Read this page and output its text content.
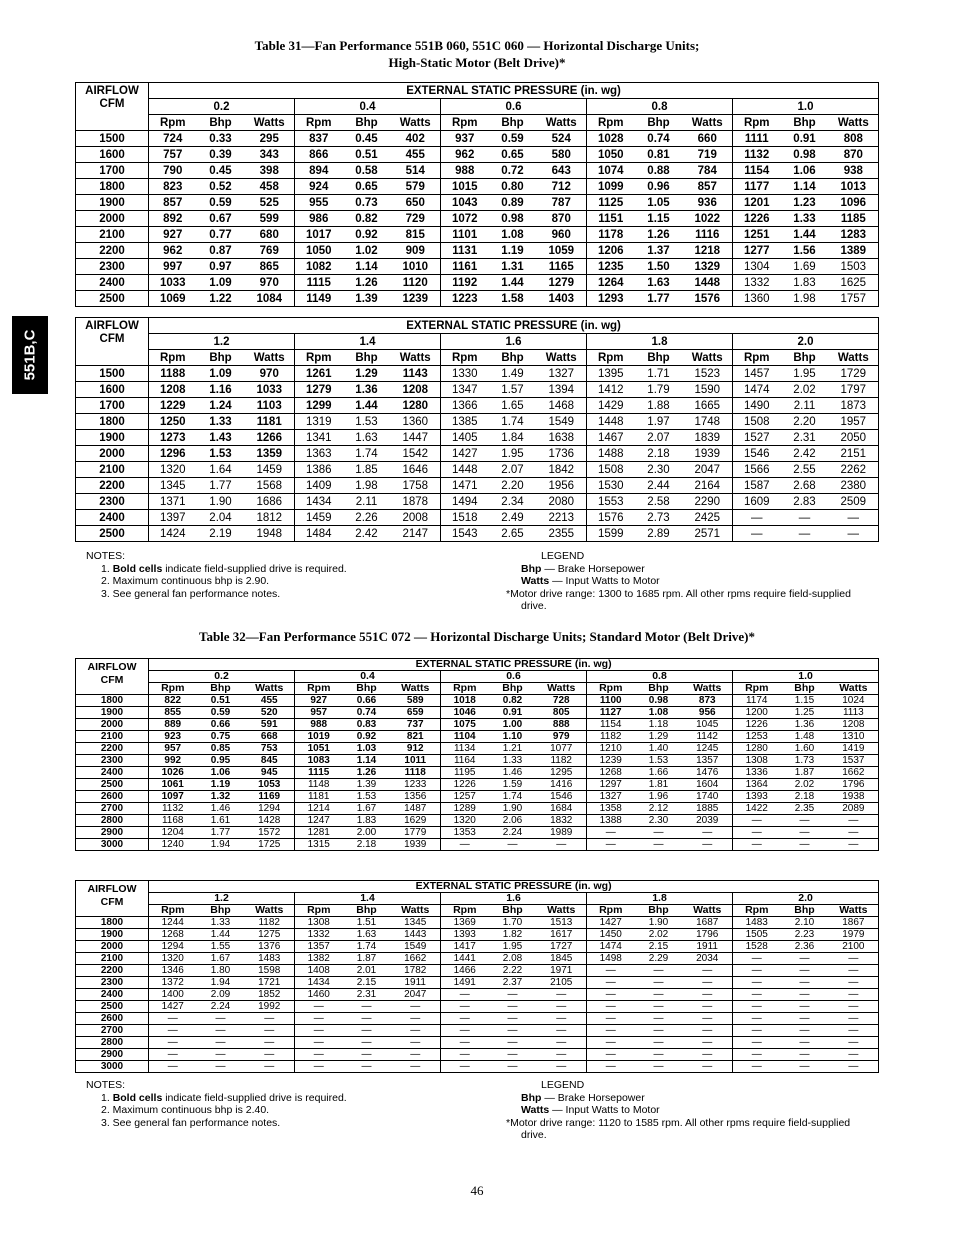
Table 31—Fan Performance 551B 060, 551C 060 — Horizontal Discharge Units;
High‑Static Motor (Belt Drive)*
551B,C
AIRFLOW
CFM	EXTERNAL STATIC PRESSURE (in. wg)														
	0.2			0.4			0.6			0.8			1.0		
	Rpm	Bhp	Watts	Rpm	Bhp	Watts	Rpm	Bhp	Watts	Rpm	Bhp	Watts	Rpm	Bhp	Watts
1500	724	0.33	295	837	0.45	402	937	0.59	524	1028	0.74	660	1111	0.91	808
1600	757	0.39	343	866	0.51	455	962	0.65	580	1050	0.81	719	1132	0.98	870
1700	790	0.45	398	894	0.58	514	988	0.72	643	1074	0.88	784	1154	1.06	938
1800	823	0.52	458	924	0.65	579	1015	0.80	712	1099	0.96	857	1177	1.14	1013
1900	857	0.59	525	955	0.73	650	1043	0.89	787	1125	1.05	936	1201	1.23	1096
2000	892	0.67	599	986	0.82	729	1072	0.98	870	1151	1.15	1022	1226	1.33	1185
2100	927	0.77	680	1017	0.92	815	1101	1.08	960	1178	1.26	1116	1251	1.44	1283
2200	962	0.87	769	1050	1.02	909	1131	1.19	1059	1206	1.37	1218	1277	1.56	1389
2300	997	0.97	865	1082	1.14	1010	1161	1.31	1165	1235	1.50	1329	1304	1.69	1503
2400	1033	1.09	970	1115	1.26	1120	1192	1.44	1279	1264	1.63	1448	1332	1.83	1625
2500	1069	1.22	1084	1149	1.39	1239	1223	1.58	1403	1293	1.77	1576	1360	1.98	1757
AIRFLOW
CFM	EXTERNAL STATIC PRESSURE (in. wg)														
	1.2			1.4			1.6			1.8			2.0		
	Rpm	Bhp	Watts	Rpm	Bhp	Watts	Rpm	Bhp	Watts	Rpm	Bhp	Watts	Rpm	Bhp	Watts
1500	1188	1.09	970	1261	1.29	1143	1330	1.49	1327	1395	1.71	1523	1457	1.95	1729
1600	1208	1.16	1033	1279	1.36	1208	1347	1.57	1394	1412	1.79	1590	1474	2.02	1797
1700	1229	1.24	1103	1299	1.44	1280	1366	1.65	1468	1429	1.88	1665	1490	2.11	1873
1800	1250	1.33	1181	1319	1.53	1360	1385	1.74	1549	1448	1.97	1748	1508	2.20	1957
1900	1273	1.43	1266	1341	1.63	1447	1405	1.84	1638	1467	2.07	1839	1527	2.31	2050
2000	1296	1.53	1359	1363	1.74	1542	1427	1.95	1736	1488	2.18	1939	1546	2.42	2151
2100	1320	1.64	1459	1386	1.85	1646	1448	2.07	1842	1508	2.30	2047	1566	2.55	2262
2200	1345	1.77	1568	1409	1.98	1758	1471	2.20	1956	1530	2.44	2164	1587	2.68	2380
2300	1371	1.90	1686	1434	2.11	1878	1494	2.34	2080	1553	2.58	2290	1609	2.83	2509
2400	1397	2.04	1812	1459	2.26	2008	1518	2.49	2213	1576	2.73	2425	—	—	—
2500	1424	2.19	1948	1484	2.42	2147	1543	2.65	2355	1599	2.89	2571	—	—	—
NOTES:
1. Bold cells indicate field-supplied drive is required.
2. Maximum continuous bhp is 2.90.
3. See general fan performance notes.
LEGEND
Bhp — Brake Horsepower
Watts — Input Watts to Motor
*Motor drive range: 1300 to 1685 rpm. All other rpms require field-supplied drive.
Table 32—Fan Performance 551C 072 — Horizontal Discharge Units; Standard Motor (Belt Drive)*
AIRFLOW
CFM	EXTERNAL STATIC PRESSURE (in. wg)														
	0.2			0.4			0.6			0.8			1.0		
	Rpm	Bhp	Watts	Rpm	Bhp	Watts	Rpm	Bhp	Watts	Rpm	Bhp	Watts	Rpm	Bhp	Watts
1800	822	0.51	455	927	0.66	589	1018	0.82	728	1100	0.98	873	1174	1.15	1024
1900	855	0.59	520	957	0.74	659	1046	0.91	805	1127	1.08	956	1200	1.25	1113
2000	889	0.66	591	988	0.83	737	1075	1.00	888	1154	1.18	1045	1226	1.36	1208
2100	923	0.75	668	1019	0.92	821	1104	1.10	979	1182	1.29	1142	1253	1.48	1310
2200	957	0.85	753	1051	1.03	912	1134	1.21	1077	1210	1.40	1245	1280	1.60	1419
2300	992	0.95	845	1083	1.14	1011	1164	1.33	1182	1239	1.53	1357	1308	1.73	1537
2400	1026	1.06	945	1115	1.26	1118	1195	1.46	1295	1268	1.66	1476	1336	1.87	1662
2500	1061	1.19	1053	1148	1.39	1233	1226	1.59	1416	1297	1.81	1604	1364	2.02	1796
2600	1097	1.32	1169	1181	1.53	1356	1257	1.74	1546	1327	1.96	1740	1393	2.18	1938
2700	1132	1.46	1294	1214	1.67	1487	1289	1.90	1684	1358	2.12	1885	1422	2.35	2089
2800	1168	1.61	1428	1247	1.83	1629	1320	2.06	1832	1388	2.30	2039	—	—	—
2900	1204	1.77	1572	1281	2.00	1779	1353	2.24	1989	—	—	—	—	—	—
3000	1240	1.94	1725	1315	2.18	1939	—	—	—	—	—	—	—	—	—
AIRFLOW
CFM	EXTERNAL STATIC PRESSURE (in. wg)														
	1.2			1.4			1.6			1.8			2.0		
	Rpm	Bhp	Watts	Rpm	Bhp	Watts	Rpm	Bhp	Watts	Rpm	Bhp	Watts	Rpm	Bhp	Watts
1800	1244	1.33	1182	1308	1.51	1345	1369	1.70	1513	1427	1.90	1687	1483	2.10	1867
1900	1268	1.44	1275	1332	1.63	1443	1393	1.82	1617	1450	2.02	1796	1505	2.23	1979
2000	1294	1.55	1376	1357	1.74	1549	1417	1.95	1727	1474	2.15	1911	1528	2.36	2100
2100	1320	1.67	1483	1382	1.87	1662	1441	2.08	1845	1498	2.29	2034	—	—	—
2200	1346	1.80	1598	1408	2.01	1782	1466	2.22	1971	—	—	—	—	—	—
2300	1372	1.94	1721	1434	2.15	1911	1491	2.37	2105	—	—	—	—	—	—
2400	1400	2.09	1852	1460	2.31	2047	—	—	—	—	—	—	—	—	—
2500	1427	2.24	1992	—	—	—	—	—	—	—	—	—	—	—	—
2600	—	—	—	—	—	—	—	—	—	—	—	—	—	—	—
2700	—	—	—	—	—	—	—	—	—	—	—	—	—	—	—
2800	—	—	—	—	—	—	—	—	—	—	—	—	—	—	—
2900	—	—	—	—	—	—	—	—	—	—	—	—	—	—	—
3000	—	—	—	—	—	—	—	—	—	—	—	—	—	—	—
NOTES:
1. Bold cells indicate field-supplied drive is required.
2. Maximum continuous bhp is 2.40.
3. See general fan performance notes.
LEGEND
Bhp — Brake Horsepower
Watts — Input Watts to Motor
*Motor drive range: 1120 to 1585 rpm. All other rpms require field-supplied drive.
46
